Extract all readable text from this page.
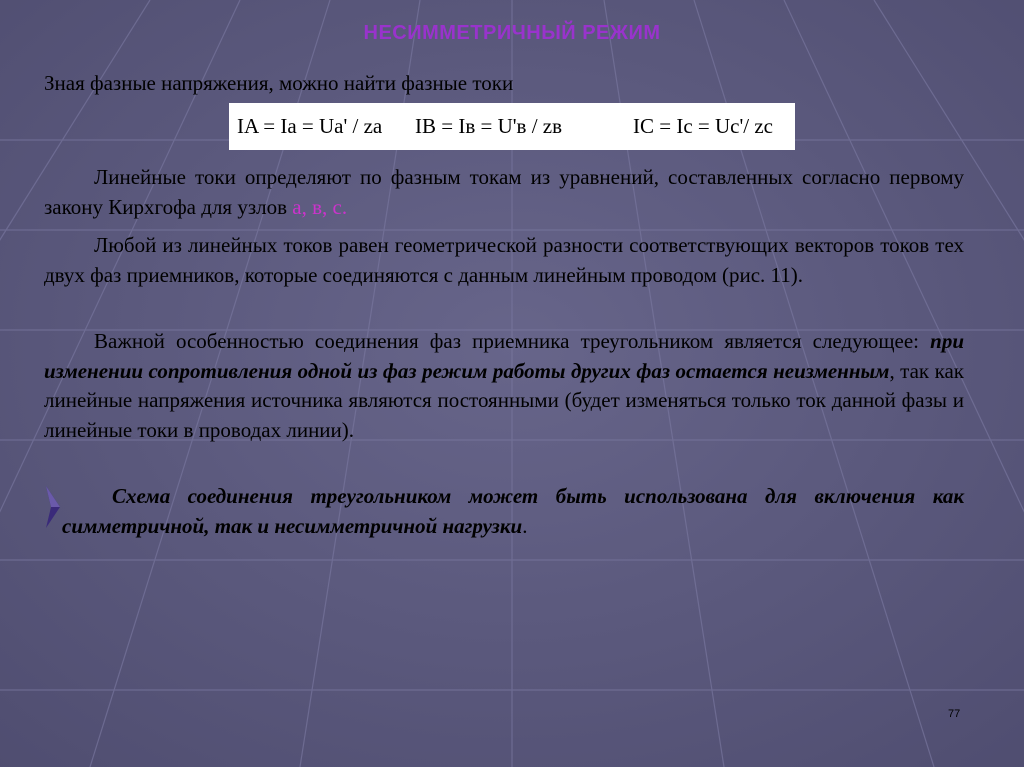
НЕСИММЕТРИЧНЫЙ РЕЖИМ
Зная фазные напряжения, можно найти фазные токи
IA = Ia = Ua' / za IB = Iв = U'в / zв	IC = Ic = Uc'/ zc
Линейные токи определяют по фазным токам из уравнений, составленных согласно первому закону Кирхгофа для узлов а, в, с.
Любой из линейных токов равен геометрической разности соответствующих векторов токов тех двух фаз приемников, которые соединяются с данным линейным проводом (рис. 11).
Важной особенностью соединения фаз приемника треугольником является следующее: при изменении сопротивления одной из фаз режим работы других фаз остается неизменным, так как линейные напряжения источника являются постоянными (будет изменяться только ток данной фазы и линейные токи в проводах линии).
Схема соединения треугольником может быть использована для включения как симметричной, так и несимметричной нагрузки.
77
